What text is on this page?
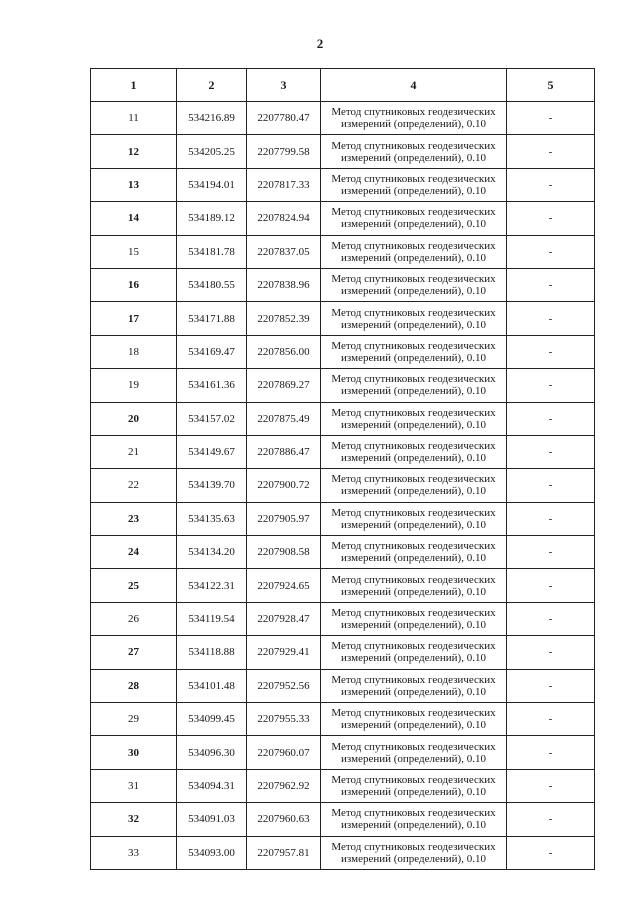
2
1	2	3	4	5
11	534216.89	2207780.47	Метод спутниковых геодезических
измерений (определений), 0.10	-
12	534205.25	2207799.58	Метод спутниковых геодезических
измерений (определений), 0.10	-
13	534194.01	2207817.33	Метод спутниковых геодезических
измерений (определений), 0.10	-
14	534189.12	2207824.94	Метод спутниковых геодезических
измерений (определений), 0.10	-
15	534181.78	2207837.05	Метод спутниковых геодезических
измерений (определений), 0.10	-
16	534180.55	2207838.96	Метод спутниковых геодезических
измерений (определений), 0.10	-
17	534171.88	2207852.39	Метод спутниковых геодезических
измерений (определений), 0.10	-
18	534169.47	2207856.00	Метод спутниковых геодезических
измерений (определений), 0.10	-
19	534161.36	2207869.27	Метод спутниковых геодезических
измерений (определений), 0.10	-
20	534157.02	2207875.49	Метод спутниковых геодезических
измерений (определений), 0.10	-
21	534149.67	2207886.47	Метод спутниковых геодезических
измерений (определений), 0.10	-
22	534139.70	2207900.72	Метод спутниковых геодезических
измерений (определений), 0.10	-
23	534135.63	2207905.97	Метод спутниковых геодезических
измерений (определений), 0.10	-
24	534134.20	2207908.58	Метод спутниковых геодезических
измерений (определений), 0.10	-
25	534122.31	2207924.65	Метод спутниковых геодезических
измерений (определений), 0.10	-
26	534119.54	2207928.47	Метод спутниковых геодезических
измерений (определений), 0.10	-
27	534118.88	2207929.41	Метод спутниковых геодезических
измерений (определений), 0.10	-
28	534101.48	2207952.56	Метод спутниковых геодезических
измерений (определений), 0.10	-
29	534099.45	2207955.33	Метод спутниковых геодезических
измерений (определений), 0.10	-
30	534096.30	2207960.07	Метод спутниковых геодезических
измерений (определений), 0.10	-
31	534094.31	2207962.92	Метод спутниковых геодезических
измерений (определений), 0.10	-
32	534091.03	2207960.63	Метод спутниковых геодезических
измерений (определений), 0.10	-
33	534093.00	2207957.81	Метод спутниковых геодезических
измерений (определений), 0.10	-
